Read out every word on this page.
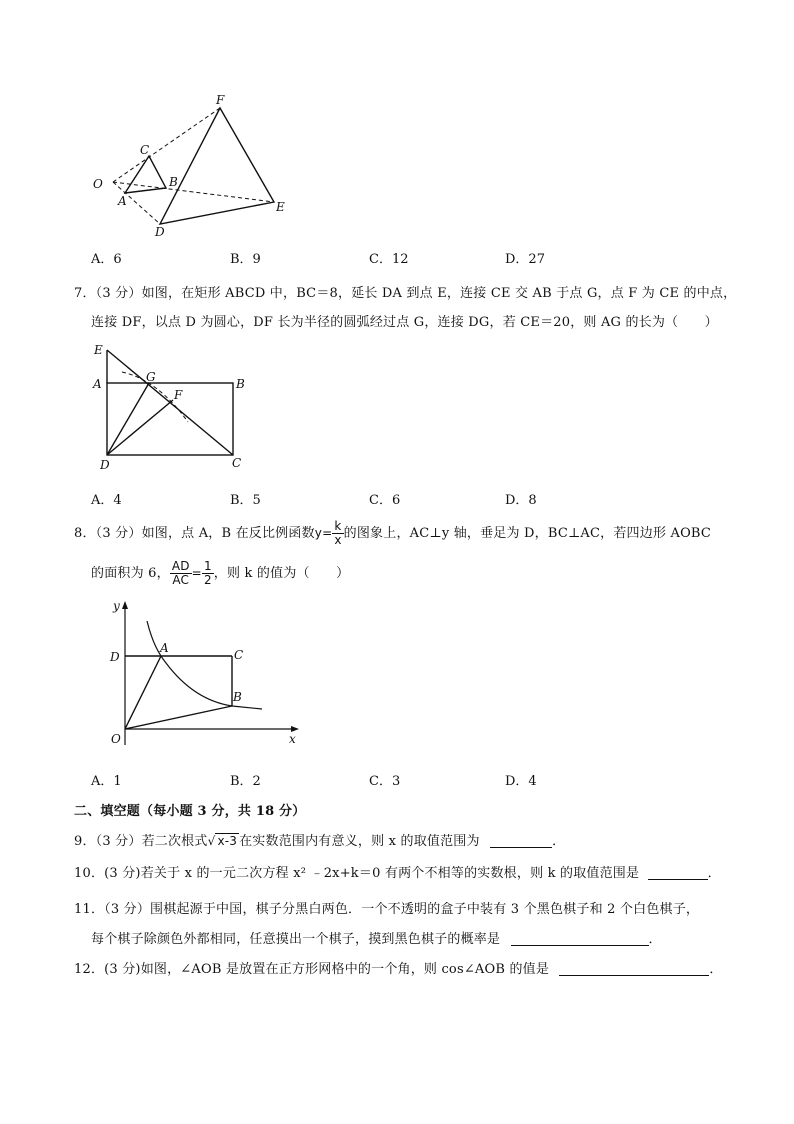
F
C
B
O
A	E
D
A．6	B．9	C．12	D．27
7．（3 分）如图，在矩形 ABCD 中，BC＝8，延长 DA 到点 E，连接 CE 交 AB 于点 G，点 F 为 CE 的中点，
连接 DF，以点 D 为圆心，DF 长为半径的圆弧经过点 G，连接 DG，若 CE＝20，则 AG 的长为（　　）
E
A	G	B
F
D	C
A．4	B．5	C．6	D．8
8．（3 分）如图，点 A，B 在反比例函数$y= \frac{k}{x}$ 的图象上，AC⊥y 轴，垂足为 D，BC⊥AC，若四边形 AOBC
的面积为 6， $\frac{AD}{AC} = \frac{1}{2}$ ，则 k 的值为（　　）
y
D
A	C
B
O	x
A．1	B．2	C．3	D．4
二、填空题（每小题 3 分，共 18 分）
9．（3 分）若二次根式√ x-3 在实数范围内有意义，则 x 的取值范围为	．
10．(3 分)若关于 x 的一元二次方程 x² ﹣2x+k＝0 有两个不相等的实数根，则 k 的取值范围是	．
11．（3 分）围棋起源于中国，棋子分黑白两色．一个不透明的盒子中装有 3 个黑色棋子和 2 个白色棋子，
每个棋子除颜色外都相同，任意摸出一个棋子，摸到黑色棋子的概率是	．
12．(3 分)如图，∠AOB 是放置在正方形网格中的一个角，则 cos∠AOB 的值是	．
